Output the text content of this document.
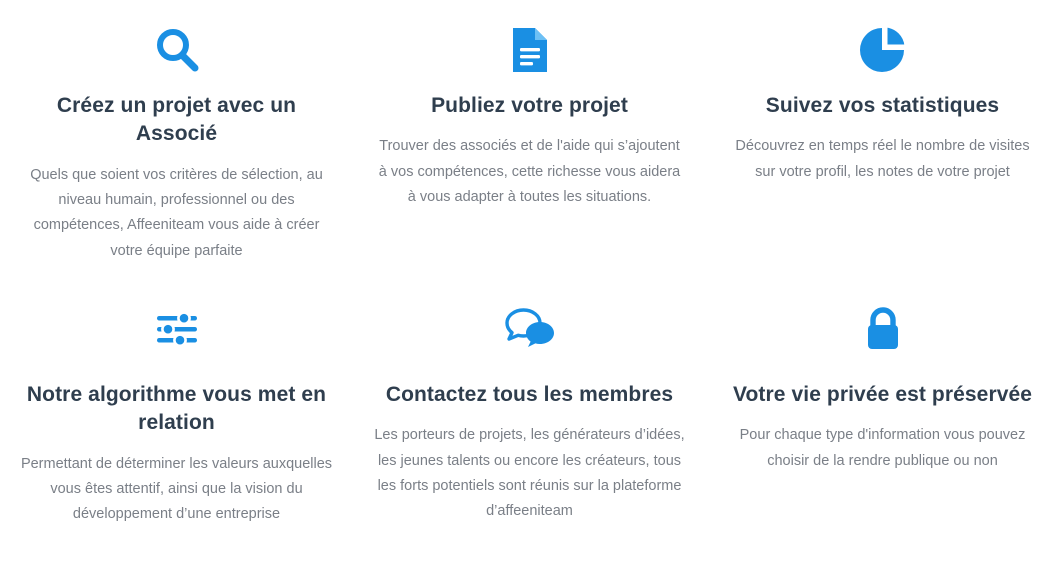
Créez un projet avec un Associé

Quels que soient vos critères de sélection, au niveau humain, professionnel ou des compétences, Affeeniteam vous aide à créer votre équipe parfaite

Publiez votre projet

Trouver des associés et de l'aide qui s’ajoutent à vos compétences, cette richesse vous aidera à vous adapter à toutes les situations.

Suivez vos statistiques

Découvrez en temps réel le nombre de visites sur votre profil, les notes de votre projet

Notre algorithme vous met en relation

Permettant de déterminer les valeurs auxquelles vous êtes attentif, ainsi que la vision du développement d’une entreprise

Contactez tous les membres

Les porteurs de projets, les générateurs d’idées, les jeunes talents ou encore les créateurs, tous les forts potentiels sont réunis sur la plateforme d’affeeniteam

Votre vie privée est préservée

Pour chaque type d'information vous pouvez choisir de la rendre publique ou non
